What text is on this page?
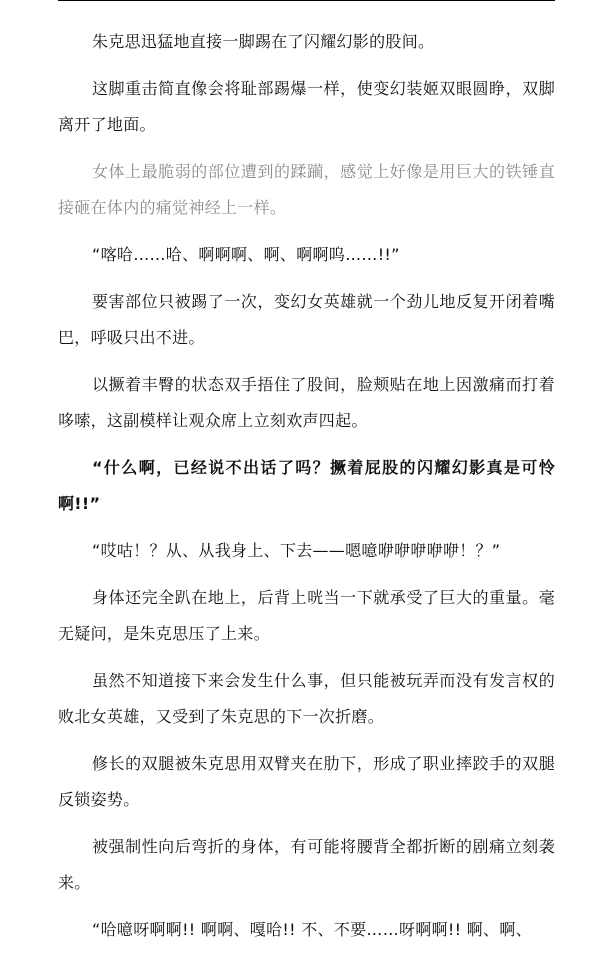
朱克思迅猛地直接一脚踢在了闪耀幻影的股间。

这脚重击简直像会将耻部踢爆一样，使变幻装姬双眼圆睁，双脚离开了地面。

女体上最脆弱的部位遭到的蹂躏，感觉上好像是用巨大的铁锤直接砸在体内的痛觉神经上一样。

“喀哈……哈、啊啊啊、啊、啊啊呜……!!”

要害部位只被踢了一次，变幻女英雄就一个劲儿地反复开闭着嘴巴，呼吸只出不进。

以撅着丰臀的状态双手捂住了股间，脸颊贴在地上因激痛而打着哆嗦，这副模样让观众席上立刻欢声四起。

“什么啊，已经说不出话了吗？撅着屁股的闪耀幻影真是可怜啊!!”

“哎咕！？从、从我身上、下去——嗯噫咿咿咿咿咿！？”

身体还完全趴在地上，后背上咣当一下就承受了巨大的重量。毫无疑问，是朱克思压了上来。

虽然不知道接下来会发生什么事，但只能被玩弄而没有发言权的败北女英雄，又受到了朱克思的下一次折磨。

修长的双腿被朱克思用双臂夹在肋下，形成了职业摔跤手的双腿反锁姿势。

被强制性向后弯折的身体，有可能将腰背全都折断的剧痛立刻袭来。

“哈噫呀啊啊!! 啊啊、嘎哈!! 不、不要……呀啊啊!! 啊、啊、
